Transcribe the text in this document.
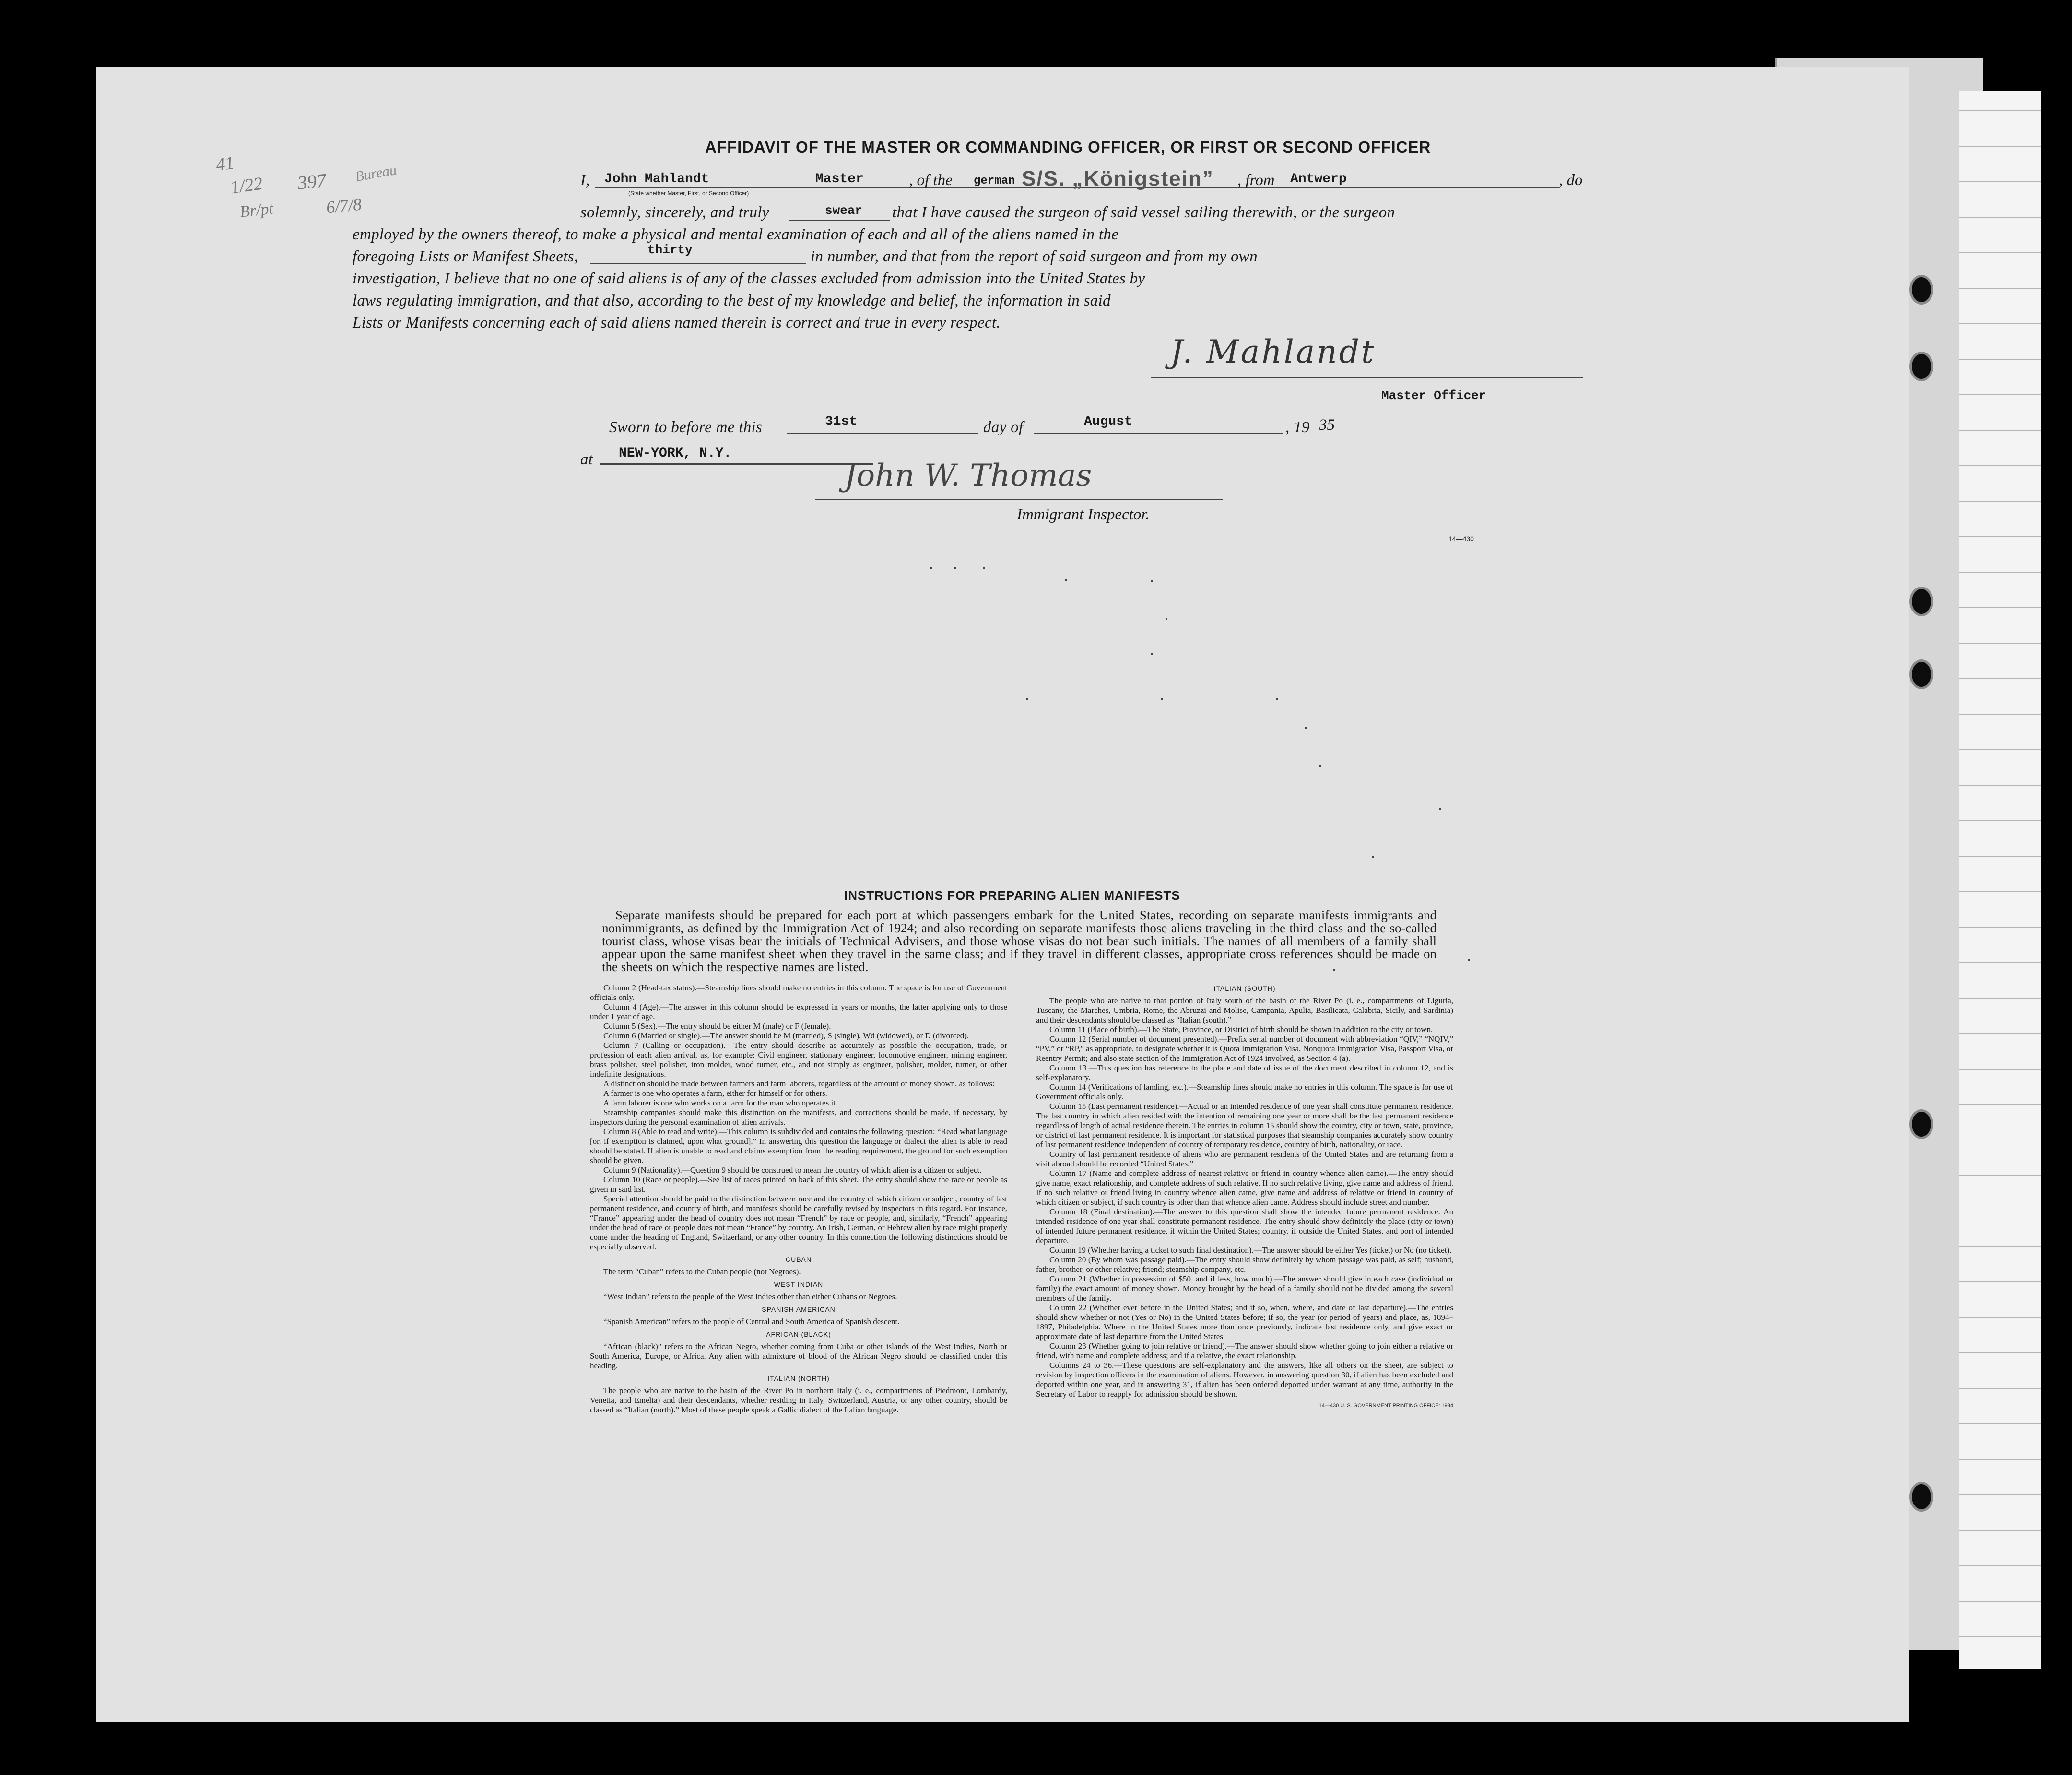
41
1/22 397 Bureau
Br/pt	6/7/8
AFFIDAVIT OF THE MASTER OR COMMANDING OFFICER, OR FIRST OR SECOND OFFICER
I, John Mahlandt	Master
(State whether Master, First, or Second Officer)
, of the german S/S. „Königstein” , from Antwerp	, do
solemnly, sincerely, and truly	swear that I have caused the surgeon of said vessel sailing therewith, or the surgeon
employed by the owners thereof, to make a physical and mental examination of each and all of the aliens named in the
foregoing Lists or Manifest Sheets,	thirty	in number, and that from the report of said surgeon and from my own
investigation, I believe that no one of said aliens is of any of the classes excluded from admission into the United States by
laws regulating immigration, and that also, according to the best of my knowledge and belief, the information in said
Lists or Manifests concerning each of said aliens named therein is correct and true in every respect.
J. Mahlandt
Master Officer
Sworn to before me this	31st	day of	August	, 19 35
at NEW-YORK, N.Y.
John W. Thomas
Immigrant Inspector.
14—430
INSTRUCTIONS FOR PREPARING ALIEN MANIFESTS

Separate manifests should be prepared for each port at which passengers embark for the United States, recording on separate manifests immigrants and nonimmigrants, as defined by the Immigration Act of 1924; and also recording on separate manifests those aliens traveling in the third class and the so-called tourist class, whose visas bear the initials of Technical Advisers, and those whose visas do not bear such initials. The names of all members of a family shall appear upon the same manifest sheet when they travel in the same class; and if they travel in different classes, appropriate cross references should be made on the sheets on which the respective names are listed.

Column 2 (Head-tax status).—Steamship lines should make no entries in this column. The space is for use of Government officials only.

Column 4 (Age).—The answer in this column should be expressed in years or months, the latter applying only to those under 1 year of age.

Column 5 (Sex).—The entry should be either M (male) or F (female).

Column 6 (Married or single).—The answer should be M (married), S (single), Wd (widowed), or D (divorced).

Column 7 (Calling or occupation).—The entry should describe as accurately as possible the occupation, trade, or profession of each alien arrival, as, for example: Civil engineer, stationary engineer, locomotive engineer, mining engineer, brass polisher, steel polisher, iron molder, wood turner, etc., and not simply as engineer, polisher, molder, turner, or other indefinite designations.

A distinction should be made between farmers and farm laborers, regardless of the amount of money shown, as follows:

A farmer is one who operates a farm, either for himself or for others.

A farm laborer is one who works on a farm for the man who operates it.

Steamship companies should make this distinction on the manifests, and corrections should be made, if necessary, by inspectors during the personal examination of alien arrivals.

Column 8 (Able to read and write).—This column is subdivided and contains the following question: “Read what language [or, if exemption is claimed, upon what ground].” In answering this question the language or dialect the alien is able to read should be stated. If alien is unable to read and claims exemption from the reading requirement, the ground for such exemption should be given.

Column 9 (Nationality).—Question 9 should be construed to mean the country of which alien is a citizen or subject.

Column 10 (Race or people).—See list of races printed on back of this sheet. The entry should show the race or people as given in said list.

Special attention should be paid to the distinction between race and the country of which citizen or subject, country of last permanent residence, and country of birth, and manifests should be carefully revised by inspectors in this regard. For instance, “France” appearing under the head of country does not mean “French” by race or people, and, similarly, “French” appearing under the head of race or people does not mean “France” by country. An Irish, German, or Hebrew alien by race might properly come under the heading of England, Switzerland, or any other country. In this connection the following distinctions should be especially observed:

CUBAN

The term “Cuban” refers to the Cuban people (not Negroes).

WEST INDIAN

“West Indian” refers to the people of the West Indies other than either Cubans or Negroes.

SPANISH AMERICAN

“Spanish American” refers to the people of Central and South America of Spanish descent.

AFRICAN (BLACK)

“African (black)” refers to the African Negro, whether coming from Cuba or other islands of the West Indies, North or South America, Europe, or Africa. Any alien with admixture of blood of the African Negro should be classified under this heading.

ITALIAN (NORTH)

The people who are native to the basin of the River Po in northern Italy (i. e., compartments of Piedmont, Lombardy, Venetia, and Emelia) and their descendants, whether residing in Italy, Switzerland, Austria, or any other country, should be classed as “Italian (north).” Most of these people speak a Gallic dialect of the Italian language.

ITALIAN (SOUTH)

The people who are native to that portion of Italy south of the basin of the River Po (i. e., compartments of Liguria, Tuscany, the Marches, Umbria, Rome, the Abruzzi and Molise, Campania, Apulia, Basilicata, Calabria, Sicily, and Sardinia) and their descendants should be classed as “Italian (south).”

Column 11 (Place of birth).—The State, Province, or District of birth should be shown in addition to the city or town.

Column 12 (Serial number of document presented).—Prefix serial number of document with abbreviation “QIV,” “NQIV,” “PV,” or “RP,” as appropriate, to designate whether it is Quota Immigration Visa, Nonquota Immigration Visa, Passport Visa, or Reentry Permit; and also state section of the Immigration Act of 1924 involved, as Section 4 (a).

Column 13.—This question has reference to the place and date of issue of the document described in column 12, and is self-explanatory.

Column 14 (Verifications of landing, etc.).—Steamship lines should make no entries in this column. The space is for use of Government officials only.

Column 15 (Last permanent residence).—Actual or an intended residence of one year shall constitute permanent residence. The last country in which alien resided with the intention of remaining one year or more shall be the last permanent residence regardless of length of actual residence therein. The entries in column 15 should show the country, city or town, state, province, or district of last permanent residence. It is important for statistical purposes that steamship companies accurately show country of last permanent residence independent of country of temporary residence, country of birth, nationality, or race.

Country of last permanent residence of aliens who are permanent residents of the United States and are returning from a visit abroad should be recorded “United States.”

Column 17 (Name and complete address of nearest relative or friend in country whence alien came).—The entry should give name, exact relationship, and complete address of such relative. If no such relative living, give name and address of friend. If no such relative or friend living in country whence alien came, give name and address of relative or friend in country of which citizen or subject, if such country is other than that whence alien came. Address should include street and number.

Column 18 (Final destination).—The answer to this question shall show the intended future permanent residence. An intended residence of one year shall constitute permanent residence. The entry should show definitely the place (city or town) of intended future permanent residence, if within the United States; country, if outside the United States, and port of intended departure.

Column 19 (Whether having a ticket to such final destination).—The answer should be either Yes (ticket) or No (no ticket).

Column 20 (By whom was passage paid).—The entry should show definitely by whom passage was paid, as self; husband, father, brother, or other relative; friend; steamship company, etc.

Column 21 (Whether in possession of $50, and if less, how much).—The answer should give in each case (individual or family) the exact amount of money shown. Money brought by the head of a family should not be divided among the several members of the family.

Column 22 (Whether ever before in the United States; and if so, when, where, and date of last departure).—The entries should show whether or not (Yes or No) in the United States before; if so, the year (or period of years) and place, as, 1894–1897, Philadelphia. Where in the United States more than once previously, indicate last residence only, and give exact or approximate date of last departure from the United States.

Column 23 (Whether going to join relative or friend).—The answer should show whether going to join either a relative or friend, with name and complete address; and if a relative, the exact relationship.

Columns 24 to 36.—These questions are self-explanatory and the answers, like all others on the sheet, are subject to revision by inspection officers in the examination of aliens. However, in answering question 30, if alien has been excluded and deported within one year, and in answering 31, if alien has been ordered deported under warrant at any time, authority in the Secretary of Labor to reapply for admission should be shown.

14—430 U. S. GOVERNMENT PRINTING OFFICE: 1934
